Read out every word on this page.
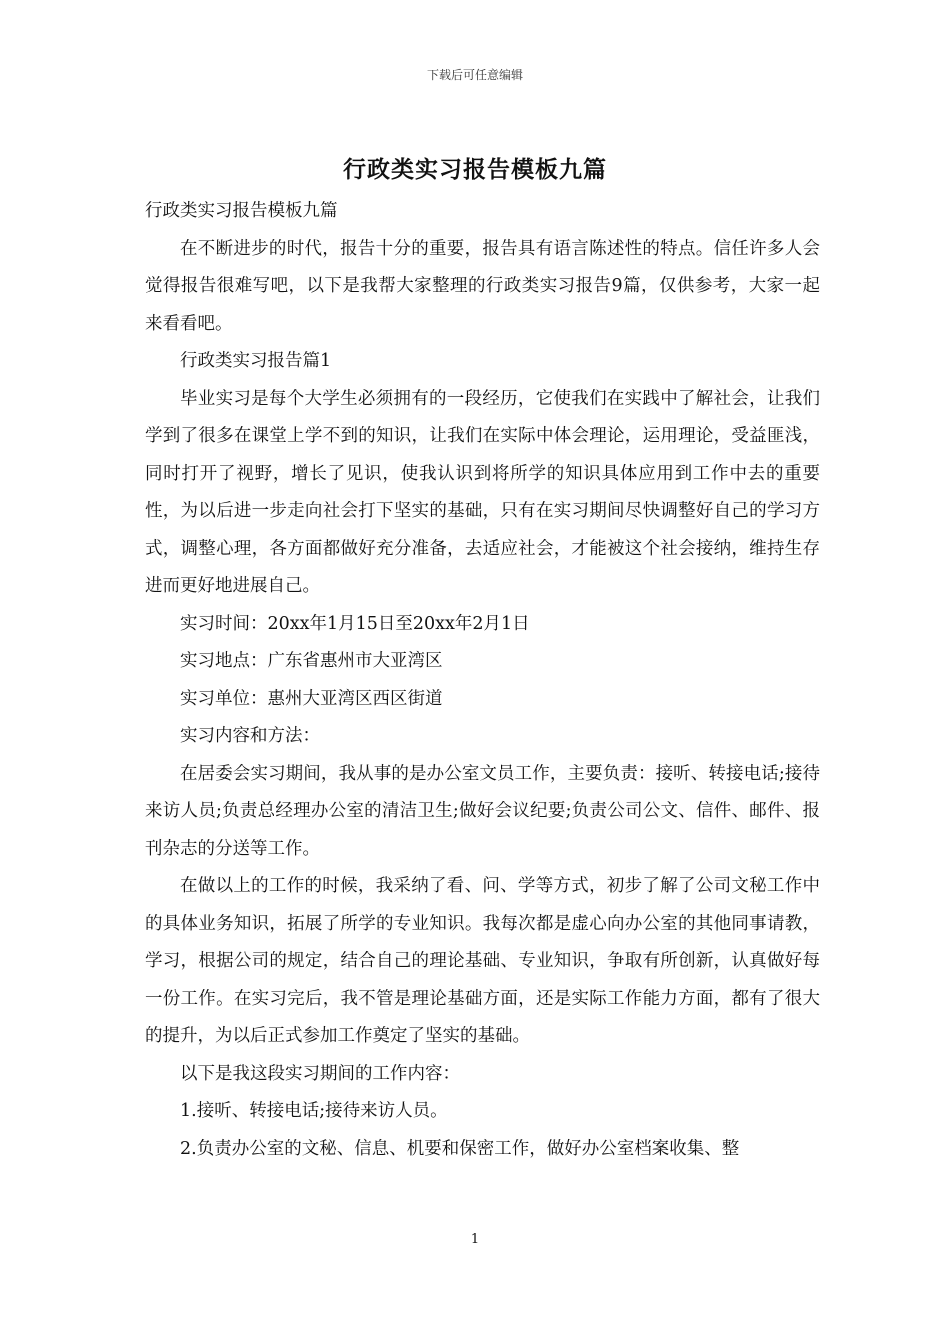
下载后可任意编辑
行政类实习报告模板九篇

行政类实习报告模板九篇

在不断进步的时代，报告十分的重要，报告具有语言陈述性的特点。信任许多人会觉得报告很难写吧，以下是我帮大家整理的行政类实习报告9篇，仅供参考，大家一起来看看吧。

行政类实习报告篇1

毕业实习是每个大学生必须拥有的一段经历，它使我们在实践中了解社会，让我们学到了很多在课堂上学不到的知识，让我们在实际中体会理论，运用理论，受益匪浅，同时打开了视野，增长了见识，使我认识到将所学的知识具体应用到工作中去的重要性，为以后进一步走向社会打下坚实的基础，只有在实习期间尽快调整好自己的学习方式，调整心理，各方面都做好充分准备，去适应社会，才能被这个社会接纳，维持生存进而更好地进展自己。

实习时间：20xx年1月15日至20xx年2月1日

实习地点：广东省惠州市大亚湾区

实习单位：惠州大亚湾区西区街道

实习内容和方法：

在居委会实习期间，我从事的是办公室文员工作，主要负责：接听、转接电话;接待来访人员;负责总经理办公室的清洁卫生;做好会议纪要;负责公司公文、信件、邮件、报刊杂志的分送等工作。

在做以上的工作的时候，我采纳了看、问、学等方式，初步了解了公司文秘工作中的具体业务知识，拓展了所学的专业知识。我每次都是虚心向办公室的其他同事请教，学习，根据公司的规定，结合自己的理论基础、专业知识，争取有所创新，认真做好每一份工作。在实习完后，我不管是理论基础方面，还是实际工作能力方面，都有了很大的提升，为以后正式参加工作奠定了坚实的基础。

以下是我这段实习期间的工作内容：

1.接听、转接电话;接待来访人员。

2.负责办公室的文秘、信息、机要和保密工作，做好办公室档案收集、整

1
